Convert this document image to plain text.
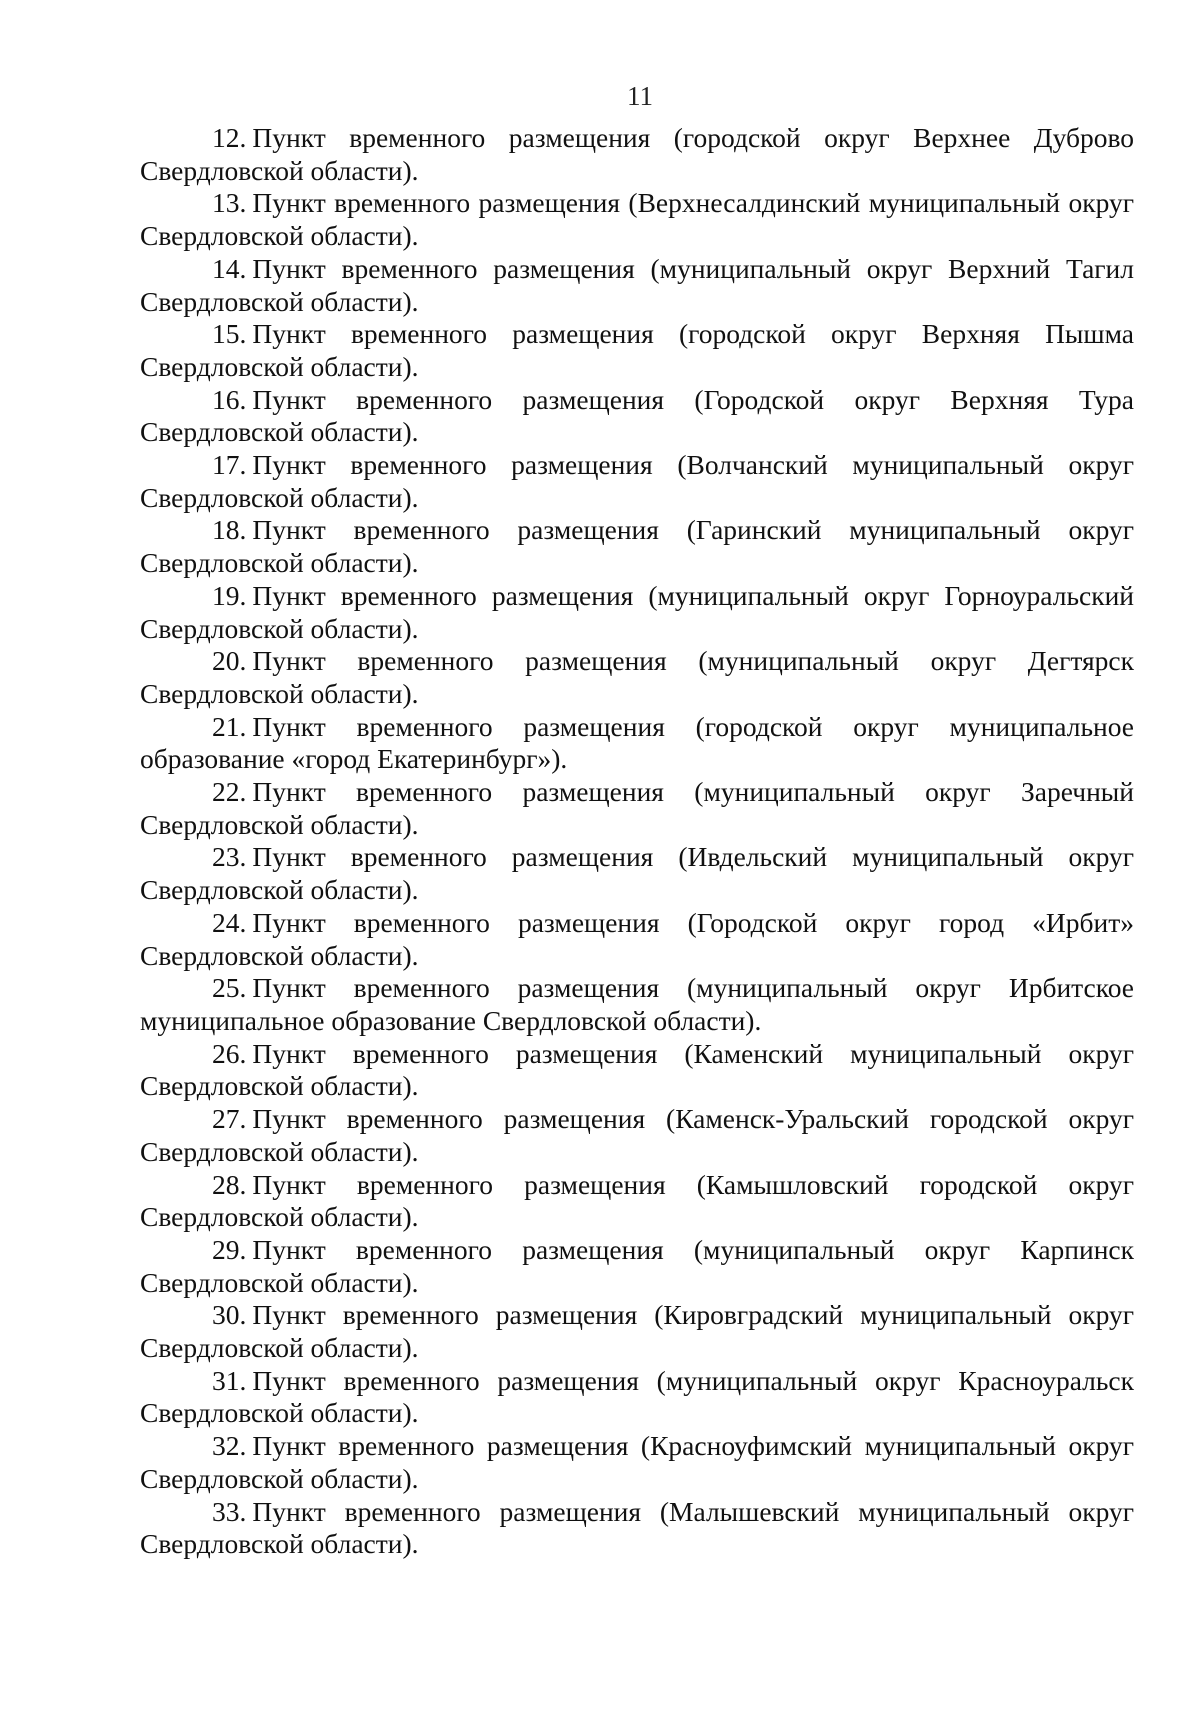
11

12. Пункт временного размещения (городской округ Верхнее Дуброво Свердловской области).

13. Пункт временного размещения (Верхнесалдинский муниципальный округ Свердловской области).

14. Пункт временного размещения (муниципальный округ Верхний Тагил Свердловской области).

15. Пункт временного размещения (городской округ Верхняя Пышма Свердловской области).

16. Пункт временного размещения (Городской округ Верхняя Тура Свердловской области).

17. Пункт временного размещения (Волчанский муниципальный округ Свердловской области).

18. Пункт временного размещения (Гаринский муниципальный округ Свердловской области).

19. Пункт временного размещения (муниципальный округ Горноуральский Свердловской области).

20. Пункт временного размещения (муниципальный округ Дегтярск Свердловской области).

21. Пункт временного размещения (городской округ муниципальное образование «город Екатеринбург»).

22. Пункт временного размещения (муниципальный округ Заречный Свердловской области).

23. Пункт временного размещения (Ивдельский муниципальный округ Свердловской области).

24. Пункт временного размещения (Городской округ город «Ирбит» Свердловской области).

25. Пункт временного размещения (муниципальный округ Ирбитское муниципальное образование Свердловской области).

26. Пункт временного размещения (Каменский муниципальный округ Свердловской области).

27. Пункт временного размещения (Каменск-Уральский городской округ Свердловской области).

28. Пункт временного размещения (Камышловский городской округ Свердловской области).

29. Пункт временного размещения (муниципальный округ Карпинск Свердловской области).

30. Пункт временного размещения (Кировградский муниципальный округ Свердловской области).

31. Пункт временного размещения (муниципальный округ Красноуральск Свердловской области).

32. Пункт временного размещения (Красноуфимский муниципальный округ Свердловской области).

33. Пункт временного размещения (Малышевский муниципальный округ Свердловской области).
